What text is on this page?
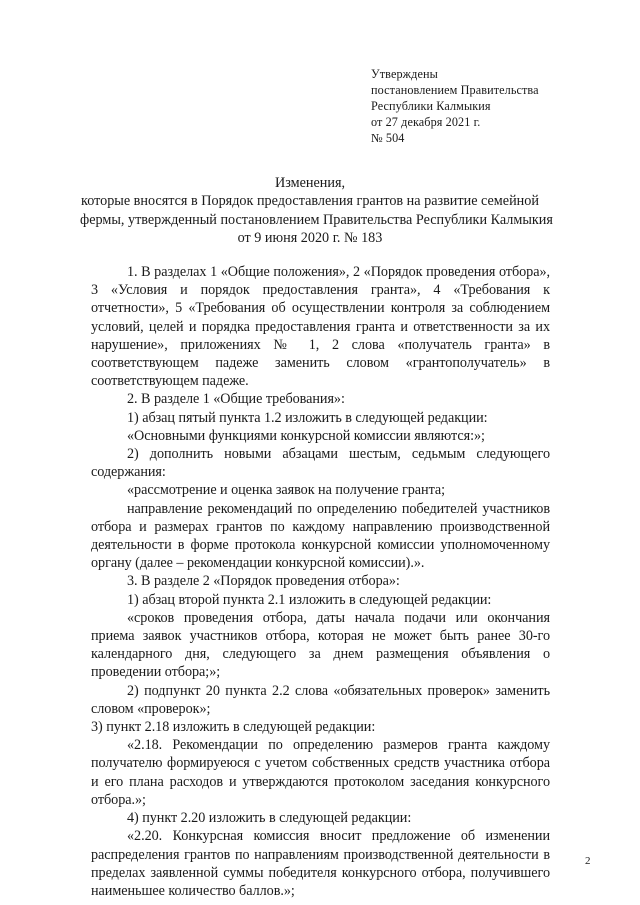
Утверждены
постановлением Правительства
Республики Калмыкия
от 27 декабря 2021 г.
№ 504
Изменения,
которые вносятся в Порядок предоставления грантов на развитие семейной
фермы, утвержденный постановлением Правительства Республики Калмыкия
от 9 июня 2020 г. № 183

1. В разделах 1 «Общие положения», 2 «Порядок проведения отбора», 3 «Условия и порядок предоставления гранта», 4 «Требования к отчетности», 5 «Требования об осуществлении контроля за соблюдением условий, целей и порядка предоставления гранта и ответственности за их нарушение», приложениях № 1, 2 слова «получатель гранта» в соответствующем падеже заменить словом «грантополучатель» в соответствующем падеже.

2. В разделе 1 «Общие требования»:

1) абзац пятый пункта 1.2 изложить в следующей редакции:

«Основными функциями конкурсной комиссии являются:»;

2) дополнить новыми абзацами шестым, седьмым следующего содержания:

«рассмотрение и оценка заявок на получение гранта;

направление рекомендаций по определению победителей участников отбора и размерах грантов по каждому направлению производственной деятельности в форме протокола конкурсной комиссии уполномоченному органу (далее – рекомендации конкурсной комиссии).».

3. В разделе 2 «Порядок проведения отбора»:

1) абзац второй пункта 2.1 изложить в следующей редакции:

«сроков проведения отбора, даты начала подачи или окончания приема заявок участников отбора, которая не может быть ранее 30-го календарного дня, следующего за днем размещения объявления о проведении отбора;»;

2) подпункт 20 пункта 2.2 слова «обязательных проверок» заменить словом «проверок»;

3) пункт 2.18 изложить в следующей редакции:

«2.18. Рекомендации по определению размеров гранта каждому получателю формируеюся с учетом собственных средств участника отбора и его плана расходов и утверждаются протоколом заседания конкурсного отбора.»;

4) пункт 2.20 изложить в следующей редакции:

«2.20. Конкурсная комиссия вносит предложение об изменении распределения грантов по направлениям производственной деятельности в пределах заявленной суммы победителя конкурсного отбора, получившего наименьшее количество баллов.»;

2
